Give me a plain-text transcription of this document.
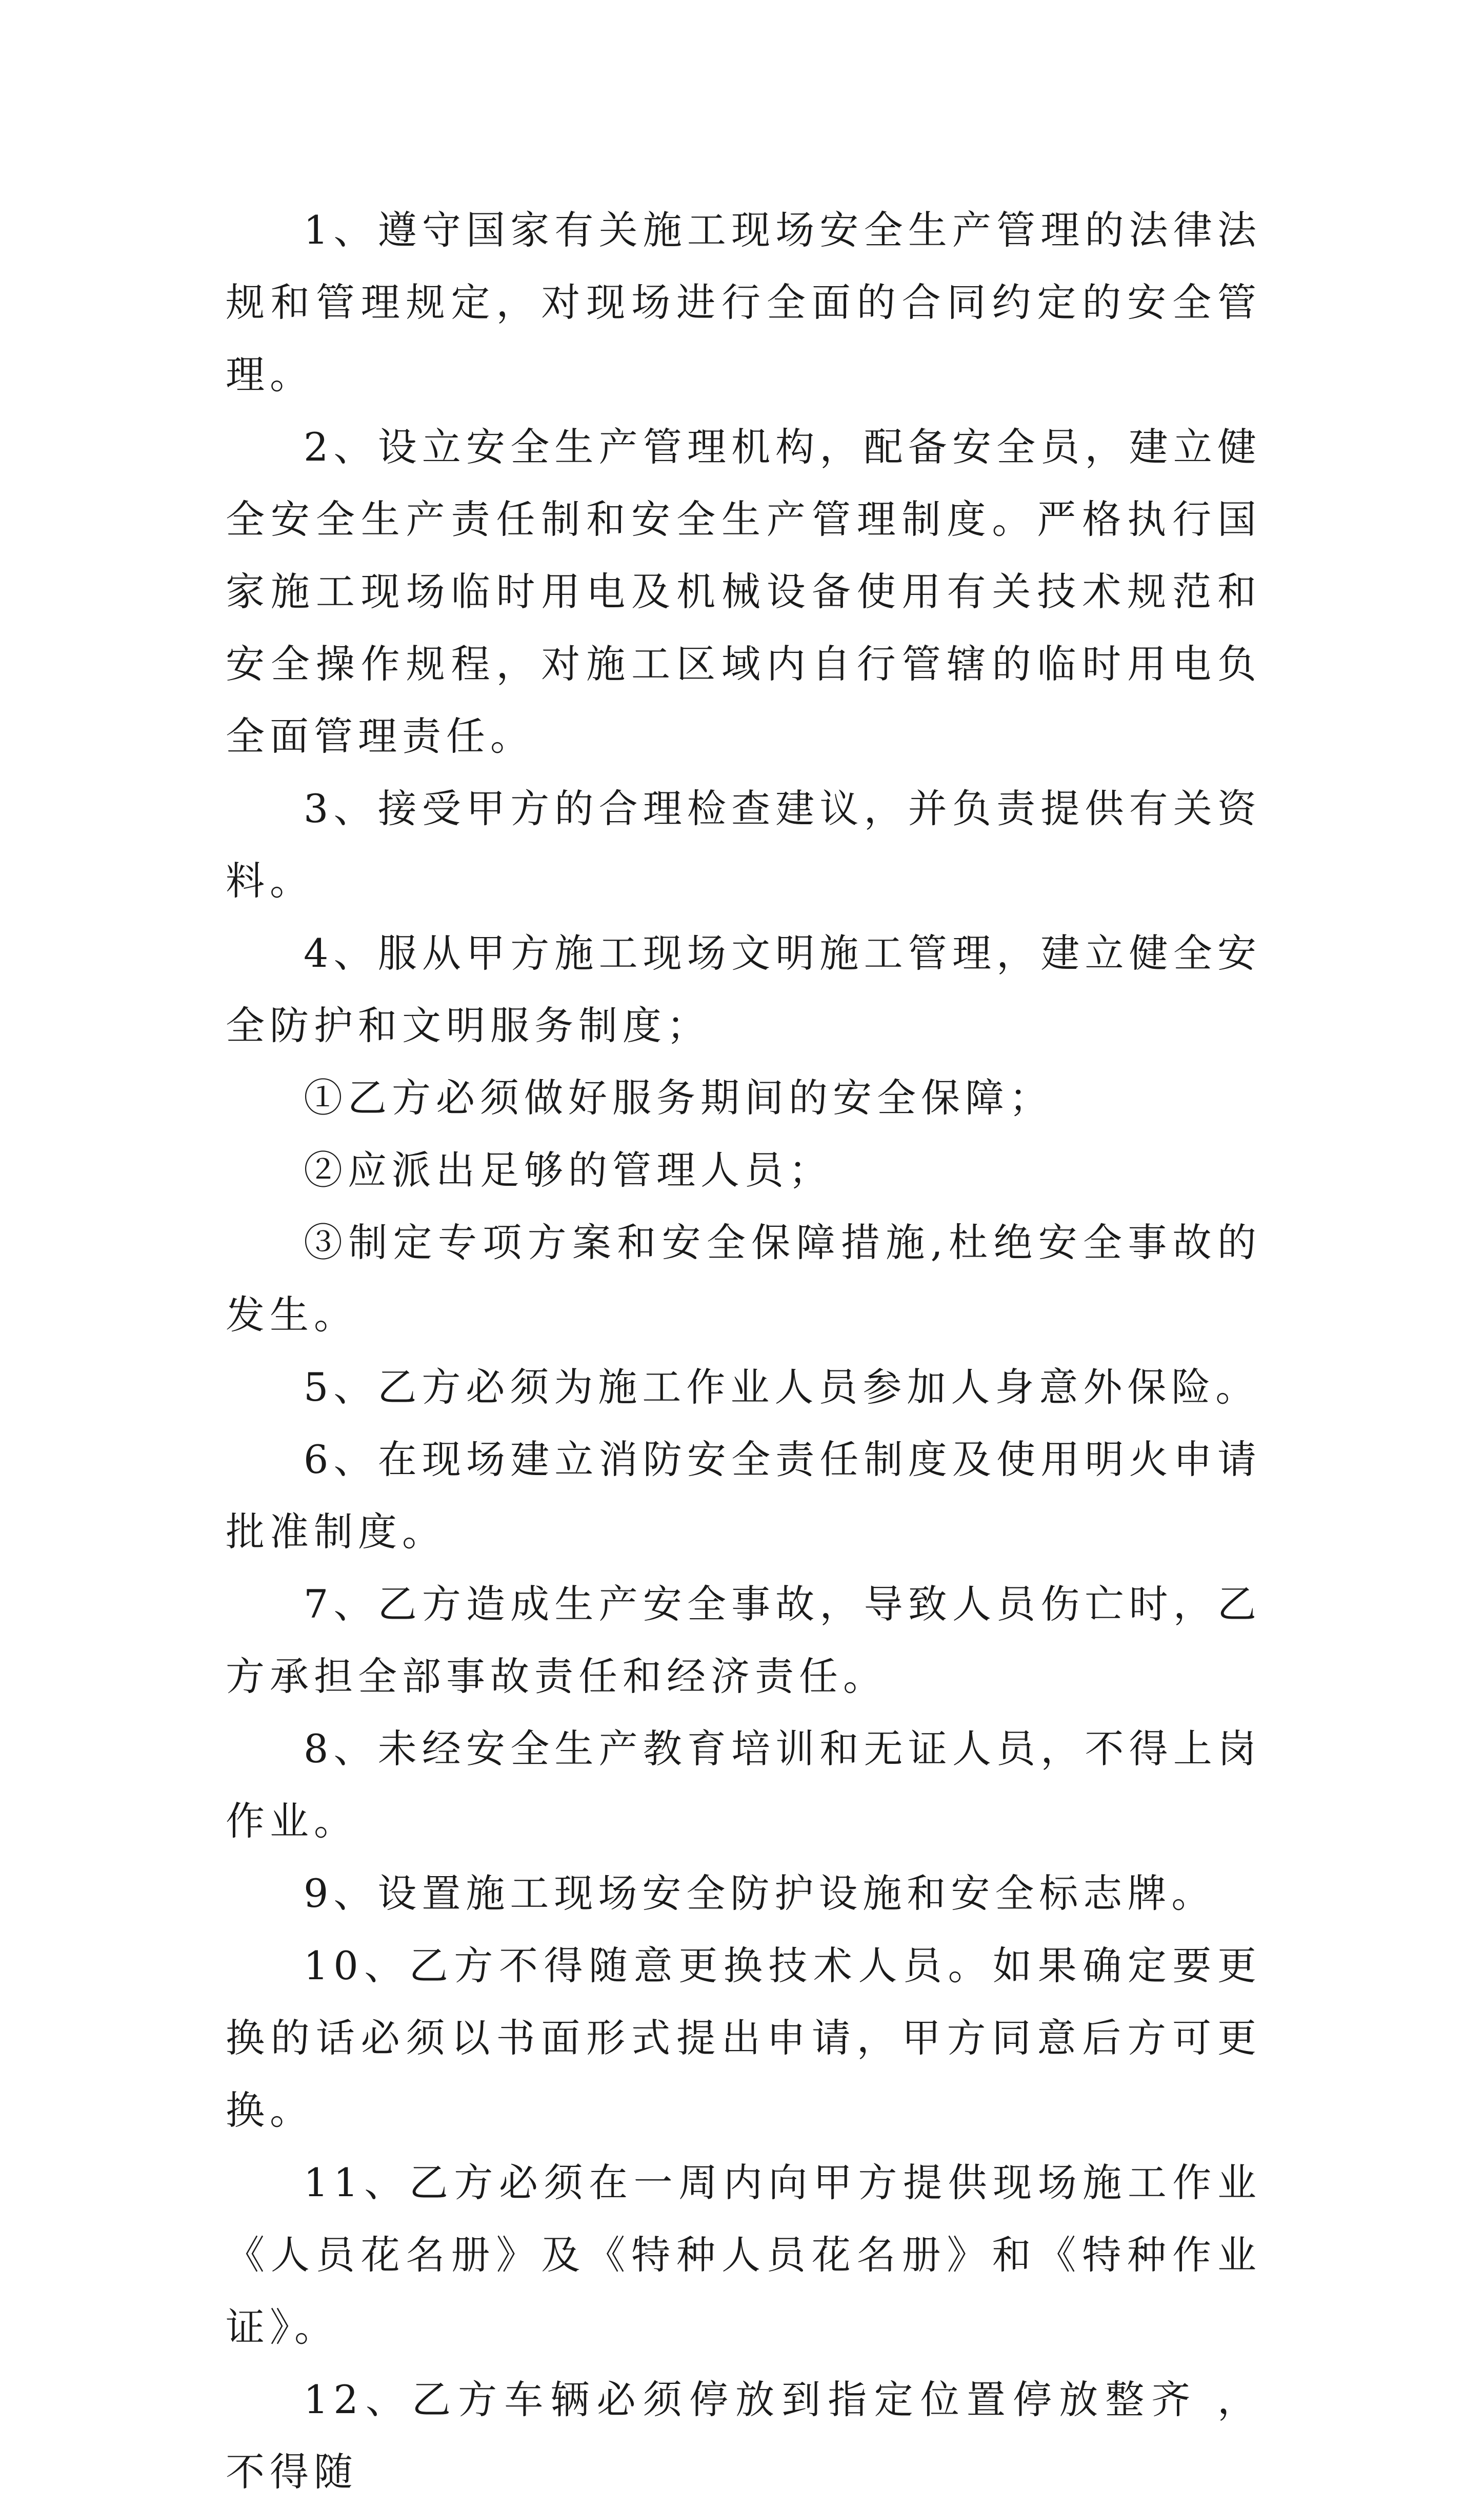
1、遵守国家有关施工现场安全生产管理的法律法规和管理规定，对现场进行全面的合同约定的安全管理。

2、设立安全生产管理机构，配备安全员，建立健全安全生产责任制和安全生产管理制度。严格执行国家施工现场临时用电及机械设备使用有关技术规范和安全操作规程，对施工区域内自行管辖的临时用电负全面管理责任。

3、接受甲方的合理检查建议，并负责提供有关资料。

4、服从甲方施工现场文明施工管理，建立健全安全防护和文明服务制度；

①乙方必须做好服务期间的安全保障；

②应派出足够的管理人员；

③制定专项方案和安全保障措施,杜绝安全事故的发生。

5、乙方必须为施工作业人员参加人身意外保险。

6、在现场建立消防安全责任制度及使用明火申请批准制度。

7、乙方造成生产安全事故，导致人员伤亡时，乙方承担全部事故责任和经济责任。

8、未经安全生产教育培训和无证人员，不得上岗作业。

9、设置施工现场安全防护设施和安全标志牌。

10、乙方不得随意更换技术人员。如果确定要更换的话必须以书面形式提出申请，甲方同意后方可更换。

11、乙方必须在一周内向甲方提供现场施工作业《人员花名册》及《特种人员花名册》和《特种作业证》。

12、乙方车辆必须停放到指定位置停放整齐 ，不得随
